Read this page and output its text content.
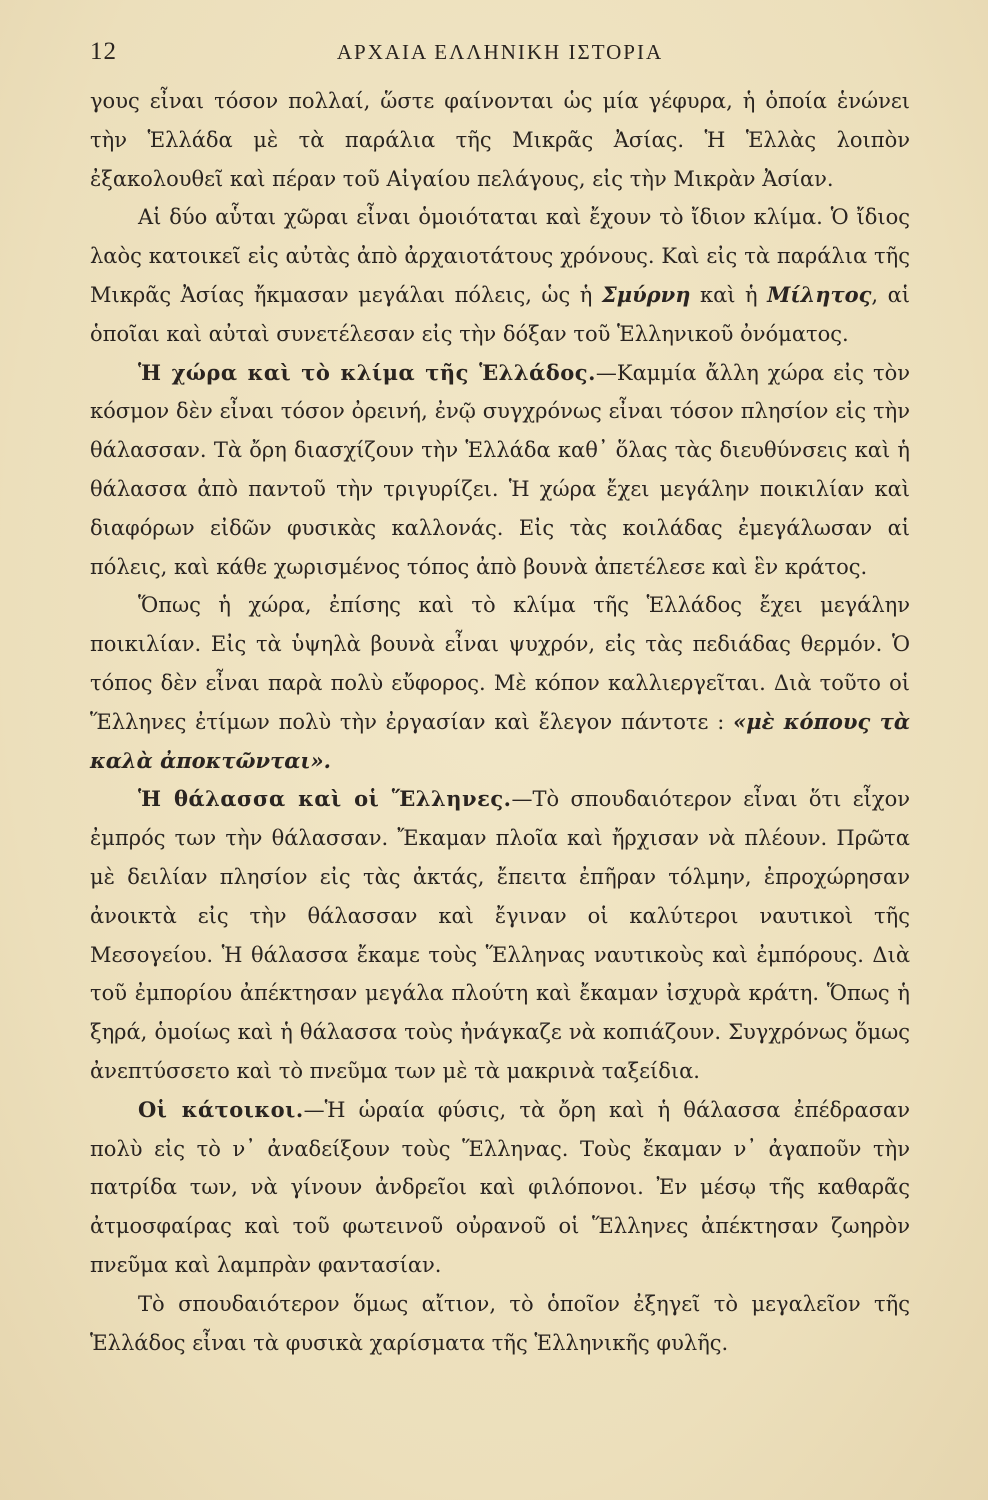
12	ΑΡΧΑΙΑ ΕΛΛΗΝΙΚΗ ΙΣΤΟΡΙΑ

γους εἶναι τόσον πολλαί, ὥστε φαίνονται ὡς μία γέφυρα, ἡ ὁποία ἑνώνει τὴν Ἑλλάδα μὲ τὰ παράλια τῆς Μικρᾶς Ἀσίας. Ἡ Ἑλλὰς λοιπὸν ἐξακολουθεῖ καὶ πέραν τοῦ Αἰγαίου πελάγους, εἰς τὴν Μικρὰν Ἀσίαν.

Αἱ δύο αὗται χῶραι εἶναι ὁμοιόταται καὶ ἔχουν τὸ ἴδιον κλίμα. Ὁ ἴδιος λαὸς κατοικεῖ εἰς αὐτὰς ἀπὸ ἀρχαιοτάτους χρόνους. Καὶ εἰς τὰ παράλια τῆς Μικρᾶς Ἀσίας ἤκμασαν μεγάλαι πόλεις, ὡς ἡ Σμύρνη καὶ ἡ Μίλητος, αἱ ὁποῖαι καὶ αὐταὶ συνετέλεσαν εἰς τὴν δόξαν τοῦ Ἑλληνικοῦ ὀνόματος.

Ἡ χώρα καὶ τὸ κλίμα τῆς Ἑλλάδος.—Καμμία ἄλλη χώρα εἰς τὸν κόσμον δὲν εἶναι τόσον ὀρεινή, ἐνῷ συγχρόνως εἶναι τόσον πλησίον εἰς τὴν θάλασσαν. Τὰ ὄρη διασχίζουν τὴν Ἑλλάδα καθ᾽ ὅλας τὰς διευθύνσεις καὶ ἡ θάλασσα ἀπὸ παντοῦ τὴν τριγυρίζει. Ἡ χώρα ἔχει μεγάλην ποικιλίαν καὶ διαφόρων εἰδῶν φυσικὰς καλλονάς. Εἰς τὰς κοιλάδας ἐμεγάλωσαν αἱ πόλεις, καὶ κάθε χωρισμένος τόπος ἀπὸ βουνὰ ἀπετέλεσε καὶ ἓν κράτος.

Ὅπως ἡ χώρα, ἐπίσης καὶ τὸ κλίμα τῆς Ἑλλάδος ἔχει μεγάλην ποικιλίαν. Εἰς τὰ ὑψηλὰ βουνὰ εἶναι ψυχρόν, εἰς τὰς πεδιάδας θερμόν. Ὁ τόπος δὲν εἶναι παρὰ πολὺ εὔφορος. Μὲ κόπον καλλιεργεῖται. Διὰ τοῦτο οἱ Ἕλληνες ἐτίμων πολὺ τὴν ἐργασίαν καὶ ἔλεγον πάντοτε : «μὲ κόπους τὰ καλὰ ἀποκτῶνται».

Ἡ θάλασσα καὶ οἱ Ἕλληνες.—Τὸ σπουδαιότερον εἶναι ὅτι εἶχον ἐμπρός των τὴν θάλασσαν. Ἔκαμαν πλοῖα καὶ ἤρχισαν νὰ πλέουν. Πρῶτα μὲ δειλίαν πλησίον εἰς τὰς ἀκτάς, ἔπειτα ἐπῆραν τόλμην, ἐπροχώρησαν ἀνοικτὰ εἰς τὴν θάλασσαν καὶ ἔγιναν οἱ καλύτεροι ναυτικοὶ τῆς Μεσογείου. Ἡ θάλασσα ἔκαμε τοὺς Ἕλληνας ναυτικοὺς καὶ ἐμπόρους. Διὰ τοῦ ἐμπορίου ἀπέκτησαν μεγάλα πλούτη καὶ ἔκαμαν ἰσχυρὰ κράτη. Ὅπως ἡ ξηρά, ὁμοίως καὶ ἡ θάλασσα τοὺς ἠνάγκαζε νὰ κοπιάζουν. Συγχρόνως ὅμως ἀνεπτύσσετο καὶ τὸ πνεῦμα των μὲ τὰ μακρινὰ ταξείδια.

Οἱ κάτοικοι.—Ἡ ὡραία φύσις, τὰ ὄρη καὶ ἡ θάλασσα ἐπέδρασαν πολὺ εἰς τὸ ν᾽ ἀναδείξουν τοὺς Ἕλληνας. Τοὺς ἔκαμαν ν᾽ ἀγαποῦν τὴν πατρίδα των, νὰ γίνουν ἀνδρεῖοι καὶ φιλόπονοι. Ἐν μέσῳ τῆς καθαρᾶς ἀτμοσφαίρας καὶ τοῦ φωτεινοῦ οὐρανοῦ οἱ Ἕλληνες ἀπέκτησαν ζωηρὸν πνεῦμα καὶ λαμπρὰν φαντασίαν.

Τὸ σπουδαιότερον ὅμως αἴτιον, τὸ ὁποῖον ἐξηγεῖ τὸ μεγαλεῖον τῆς Ἑλλάδος εἶναι τὰ φυσικὰ χαρίσματα τῆς Ἑλληνικῆς φυλῆς.
